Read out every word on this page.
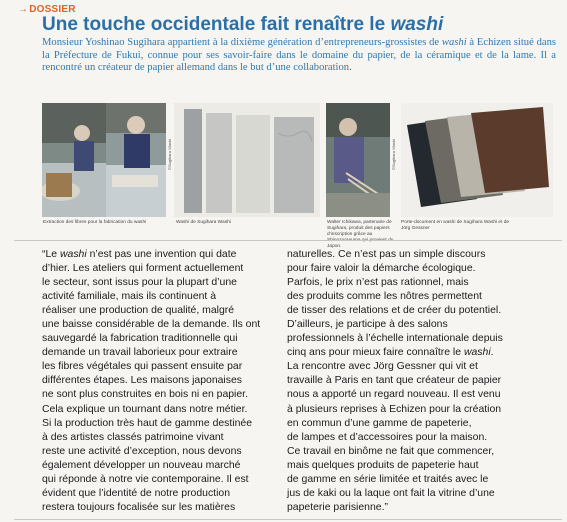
→DOSSIER
Une touche occidentale fait renaître le washi
Monsieur Yoshinao Sugihara appartient à la dixième génération d’entrepreneurs-grossistes de washi à Echizen situé dans la Préfecture de Fukui, connue pour ses savoir-faire dans le domaine du papier, de la céramique et de la lame. Il a rencontré un créateur de papier allemand dans le but d’une collaboration.
©Sugihara Washi	©Sugihara Washi
Extraction des fibres pour la fabrication du washi	Washi de Sugihara Washi	Walter Ichikawa, partenaire de Sugihara, produit des papiers d’inscription grâce au Japon.
Porte-document en washi de Sugihara Washi et de Jörg Gessner
“Le washi n’est pas une invention qui date
d’hier. Les ateliers qui forment actuellement
le secteur, sont issus pour la plupart d’une
activité familiale, mais ils continuent à
réaliser une production de qualité, malgré
une baisse considérable de la demande. Ils ont
sauvegardé la fabrication traditionnelle qui
demande un travail laborieux pour extraire
les fibres végétales qui passent ensuite par
différentes étapes. Les maisons japonaises
ne sont plus construites en bois ni en papier.
Cela explique un tournant dans notre métier.
Si la production très haut de gamme destinée
à des artistes classés patrimoine vivant
reste une activité d’exception, nous devons
également développer un nouveau marché
qui réponde à notre vie contemporaine. Il est
évident que l’identité de notre production
restera toujours focalisée sur les matières
naturelles. Ce n’est pas un simple discours
pour faire valoir la démarche écologique.
Parfois, le prix n’est pas rationnel, mais
des produits comme les nôtres permettent
de tisser des relations et de créer du potentiel.
D’ailleurs, je participe à des salons
professionnels à l’échelle internationale depuis
cinq ans pour mieux faire connaître le washi.
La rencontre avec Jörg Gessner qui vit et
travaille à Paris en tant que créateur de papier
nous a apporté un regard nouveau. Il est venu
à plusieurs reprises à Echizen pour la création
en commun d’une gamme de papeterie,
de lampes et d’accessoires pour la maison.
Ce travail en binôme ne fait que commencer,
mais quelques produits de papeterie haut
de gamme en série limitée et traités avec le
jus de kaki ou la laque ont fait la vitrine d’une
papeterie parisienne.”
